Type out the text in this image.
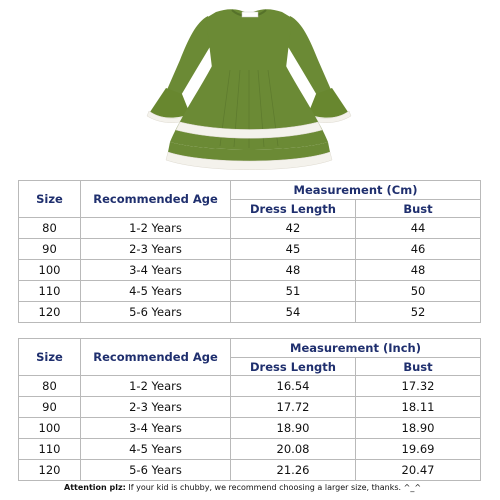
Size	Recommended Age	Measurement (Cm)	
		Dress Length	Bust
80	1-2 Years	42	44
90	2-3 Years	45	46
100	3-4 Years	48	48
110	4-5 Years	51	50
120	5-6 Years	54	52
Size	Recommended Age	Measurement (Inch)	
		Dress Length	Bust
80	1-2 Years	16.54	17.32
90	2-3 Years	17.72	18.11
100	3-4 Years	18.90	18.90
110	4-5 Years	20.08	19.69
120	5-6 Years	21.26	20.47
Attention plz: If your kid is chubby, we recommend choosing a larger size, thanks. ^_^
